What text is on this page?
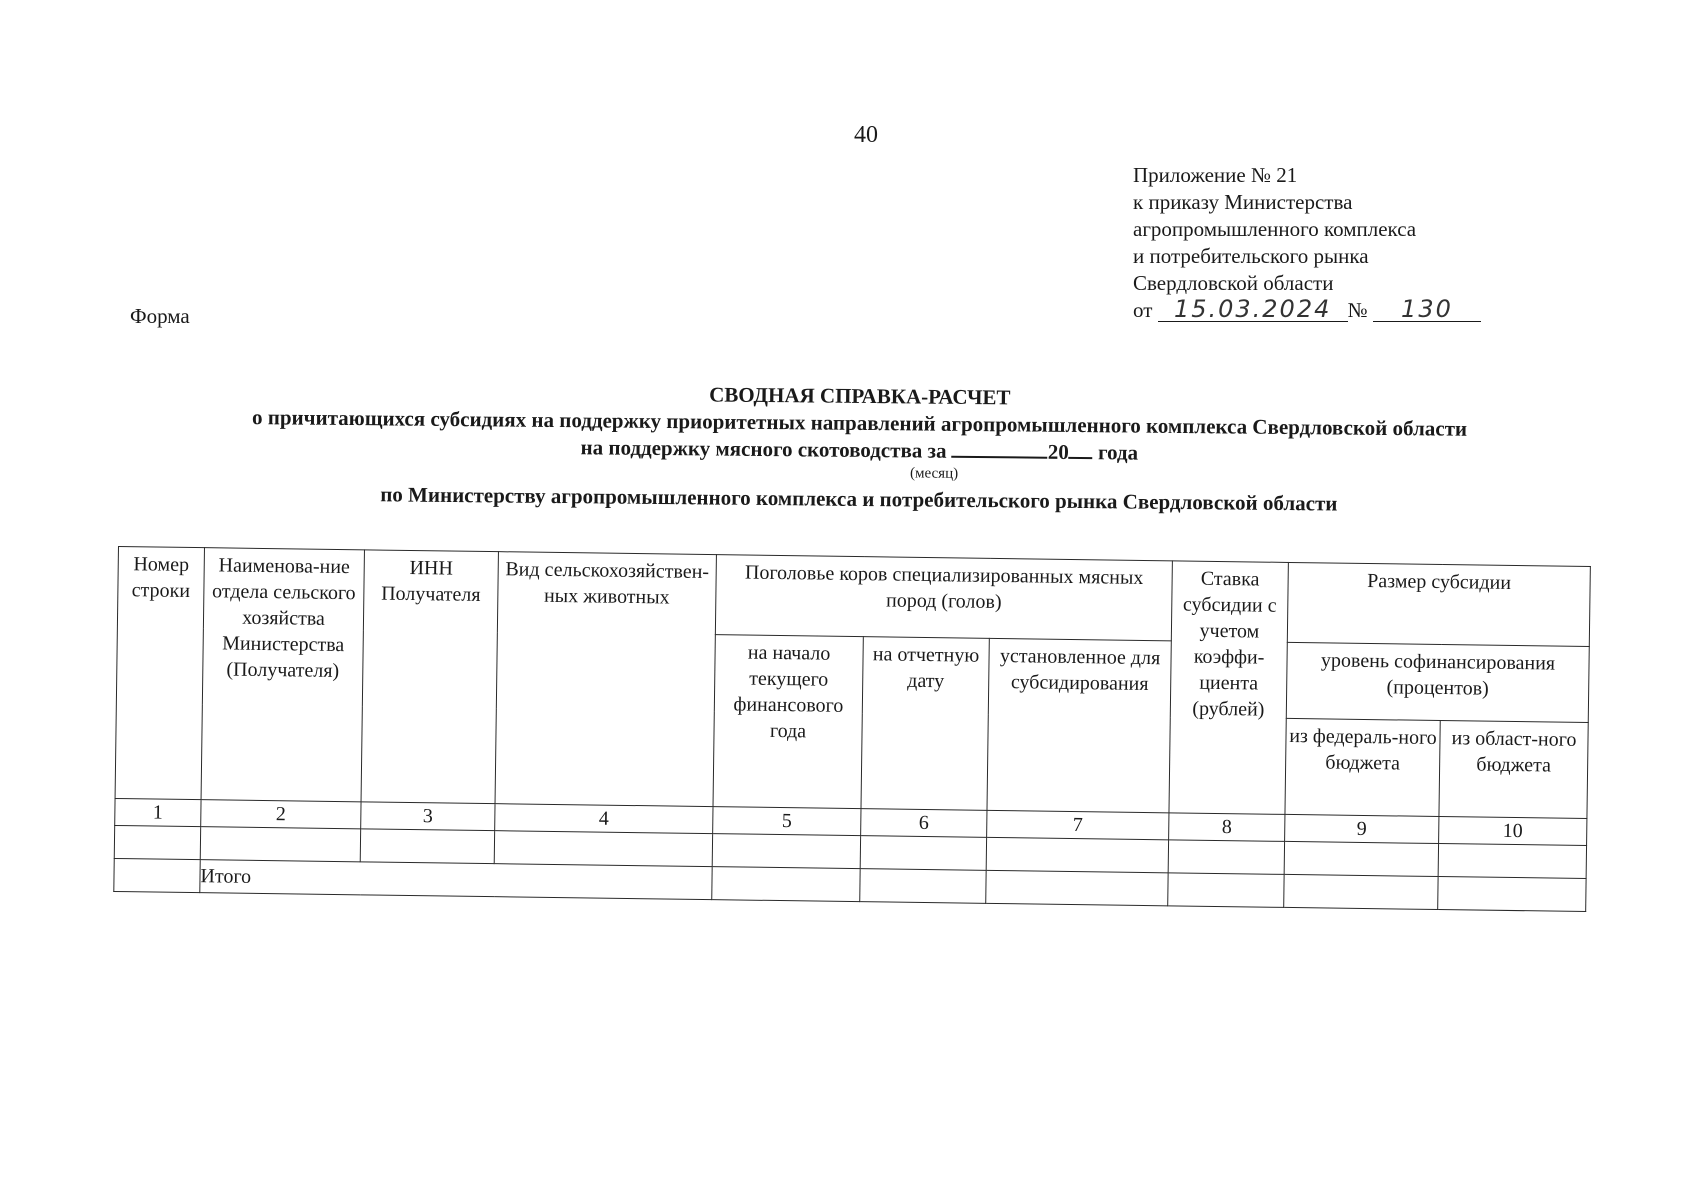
40
Приложение № 21
к приказу Министерства
агропромышленного комплекса
и потребительского рынка
Свердловской области
от 15.03.2024 № 130
Форма
СВОДНАЯ СПРАВКА-РАСЧЕТ
о причитающихся субсидиях на поддержку приоритетных направлений агропромышленного комплекса Свердловской области
на поддержку мясного скотоводства за	20 года
(месяц)
по Министерству агропромышленного комплекса и потребительского рынка Свердловской области
Номер строки	Наименова-ние отдела сельского хозяйства Министерства (Получателя)	ИНН Получателя	Вид сельскохозяйствен-ных животных	Поголовье коров специализированных мясных пород (голов)			Ставка субсидии с учетом коэффи-циента (рублей)	Размер субсидии	
				на начало текущего финансового года	на отчетную дату	установленное для субсидирования		уровень софинансирования (процентов)	
								из федераль-ного бюджета	из област-ного бюджета
1	2	3	4	5	6	7	8	9	10

	Итого								
